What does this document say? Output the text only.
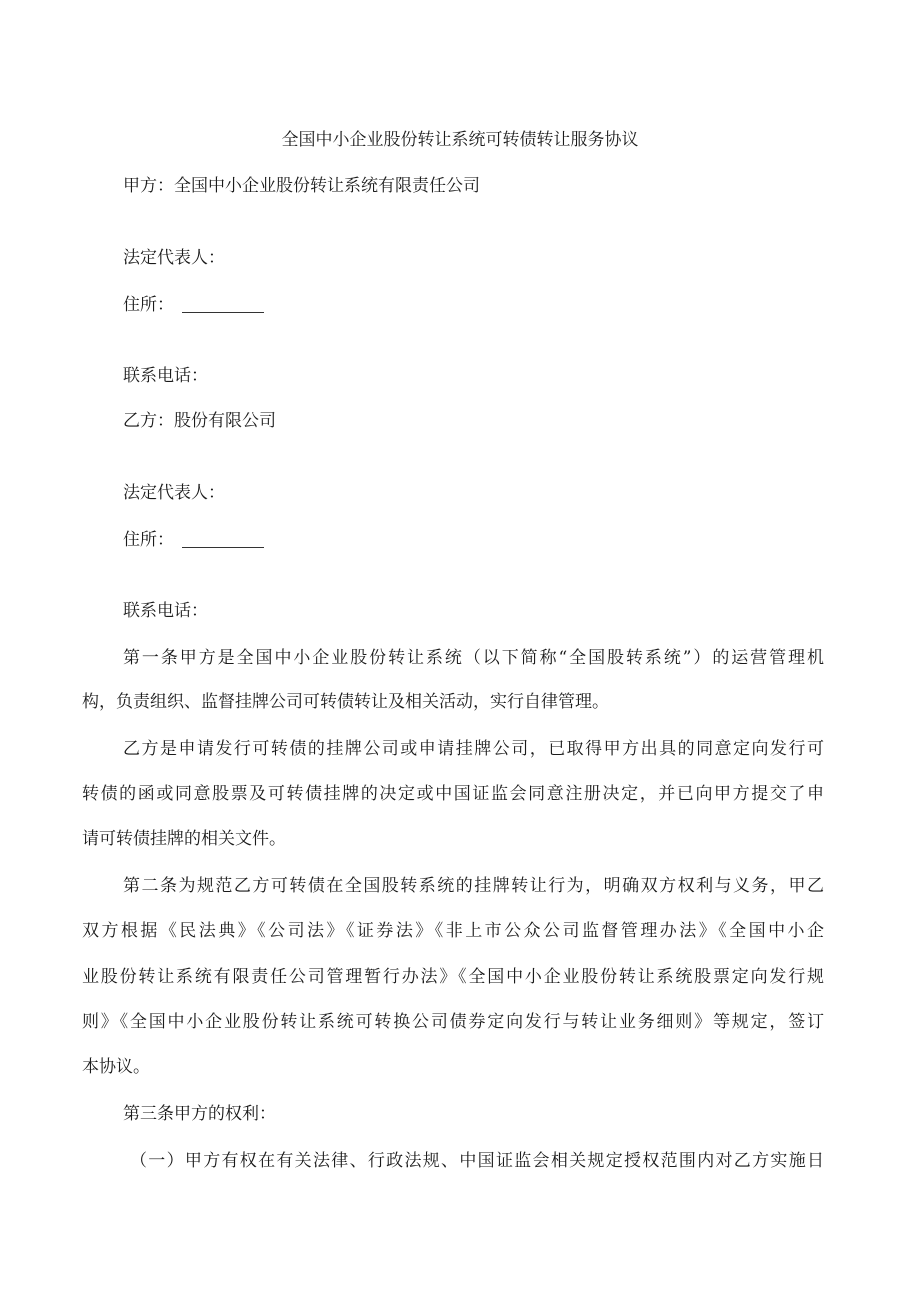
全国中小企业股份转让系统可转债转让服务协议
甲方：全国中小企业股份转让系统有限责任公司
法定代表人：
住所：
联系电话：
乙方：股份有限公司
法定代表人：
住所：
联系电话：
第一条甲方是全国中小企业股份转让系统（以下简称“全国股转系统”）的运营管理机
构，负责组织、监督挂牌公司可转债转让及相关活动，实行自律管理。
乙方是申请发行可转债的挂牌公司或申请挂牌公司，已取得甲方出具的同意定向发行可
转债的函或同意股票及可转债挂牌的决定或中国证监会同意注册决定，并已向甲方提交了申
请可转债挂牌的相关文件。
第二条为规范乙方可转债在全国股转系统的挂牌转让行为，明确双方权利与义务，甲乙
双方根据《民法典》《公司法》《证券法》《非上市公众公司监督管理办法》《全国中小企
业股份转让系统有限责任公司管理暂行办法》《全国中小企业股份转让系统股票定向发行规
则》《全国中小企业股份转让系统可转换公司债券定向发行与转让业务细则》等规定，签订
本协议。
第三条甲方的权利：
（一）甲方有权在有关法律、行政法规、中国证监会相关规定授权范围内对乙方实施日
